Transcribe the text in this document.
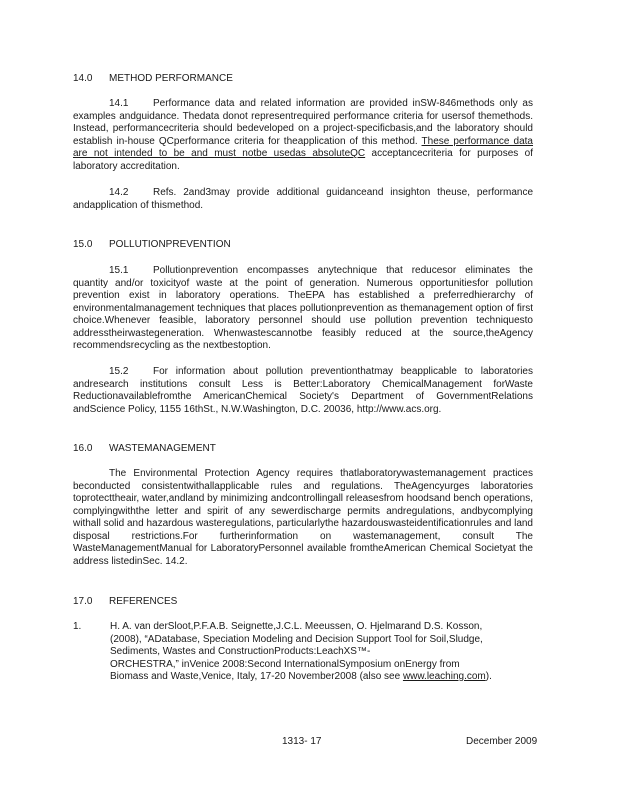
14.0 METHOD PERFORMANCE
14.1 Performance data and related information are provided inSW-846methods only as examples andguidance. Thedata donot representrequired performance criteria for usersof themethods. Instead, performancecriteria should bedeveloped on a project-specificbasis,and the laboratory should establish in-house QCperformance criteria for theapplication of this method. These performance data are not intended to be and must notbe usedas absoluteQC acceptancecriteria for purposes of laboratory accreditation.
14.2 Refs. 2and3may provide additional guidanceand insighton theuse, performance andapplication of thismethod.
15.0 POLLUTIONPREVENTION
15.1 Pollutionprevention encompasses anytechnique that reducesor eliminates the quantity and/or toxicityof waste at the point of generation. Numerous opportunitiesfor pollution prevention exist in laboratory operations. TheEPA has established a preferredhierarchy of environmentalmanagement techniques that places pollutionprevention as themanagement option of first choice.Whenever feasible, laboratory personnel should use pollution prevention techniquesto addresstheirwastegeneration. Whenwastescannotbe feasibly reduced at the source,theAgency recommendsrecycling as the nextbestoption.
15.2 For information about pollution preventionthatmay beapplicable to laboratories andresearch institutions consult Less is Better:Laboratory ChemicalManagement forWaste Reductionavailablefromthe AmericanChemical Society's Department of GovernmentRelations andScience Policy, 1155 16thSt., N.W.Washington, D.C. 20036, http://www.acs.org.
16.0 WASTEMANAGEMENT
The Environmental Protection Agency requires thatlaboratorywastemanagement practices beconducted consistentwithallapplicable rules and regulations. TheAgencyurges laboratories toprotecttheair, water,andland by minimizing andcontrollingall releasesfrom hoodsand bench operations, complyingwiththe letter and spirit of any sewerdischarge permits andregulations, andbycomplying withall solid and hazardous wasteregulations, particularlythe hazardouswasteidentificationrules and land disposal restrictions.For furtherinformation on wastemanagement, consult The WasteManagementManual for LaboratoryPersonnel available fromtheAmerican Chemical Societyat the address listedinSec. 14.2.
17.0 REFERENCES
1.	H. A. van derSloot,P.F.A.B. Seignette,J.C.L. Meeussen, O. Hjelmarand D.S. Kosson,
(2008), “ADatabase, Speciation Modeling and Decision Support Tool for Soil,Sludge,
Sediments, Wastes and ConstructionProducts:LeachXS™-
ORCHESTRA,” inVenice 2008:Second InternationalSymposium onEnergy from
Biomass and Waste,Venice, Italy, 17-20 November2008 (also see www.leaching.com).
1313- 17	December 2009
